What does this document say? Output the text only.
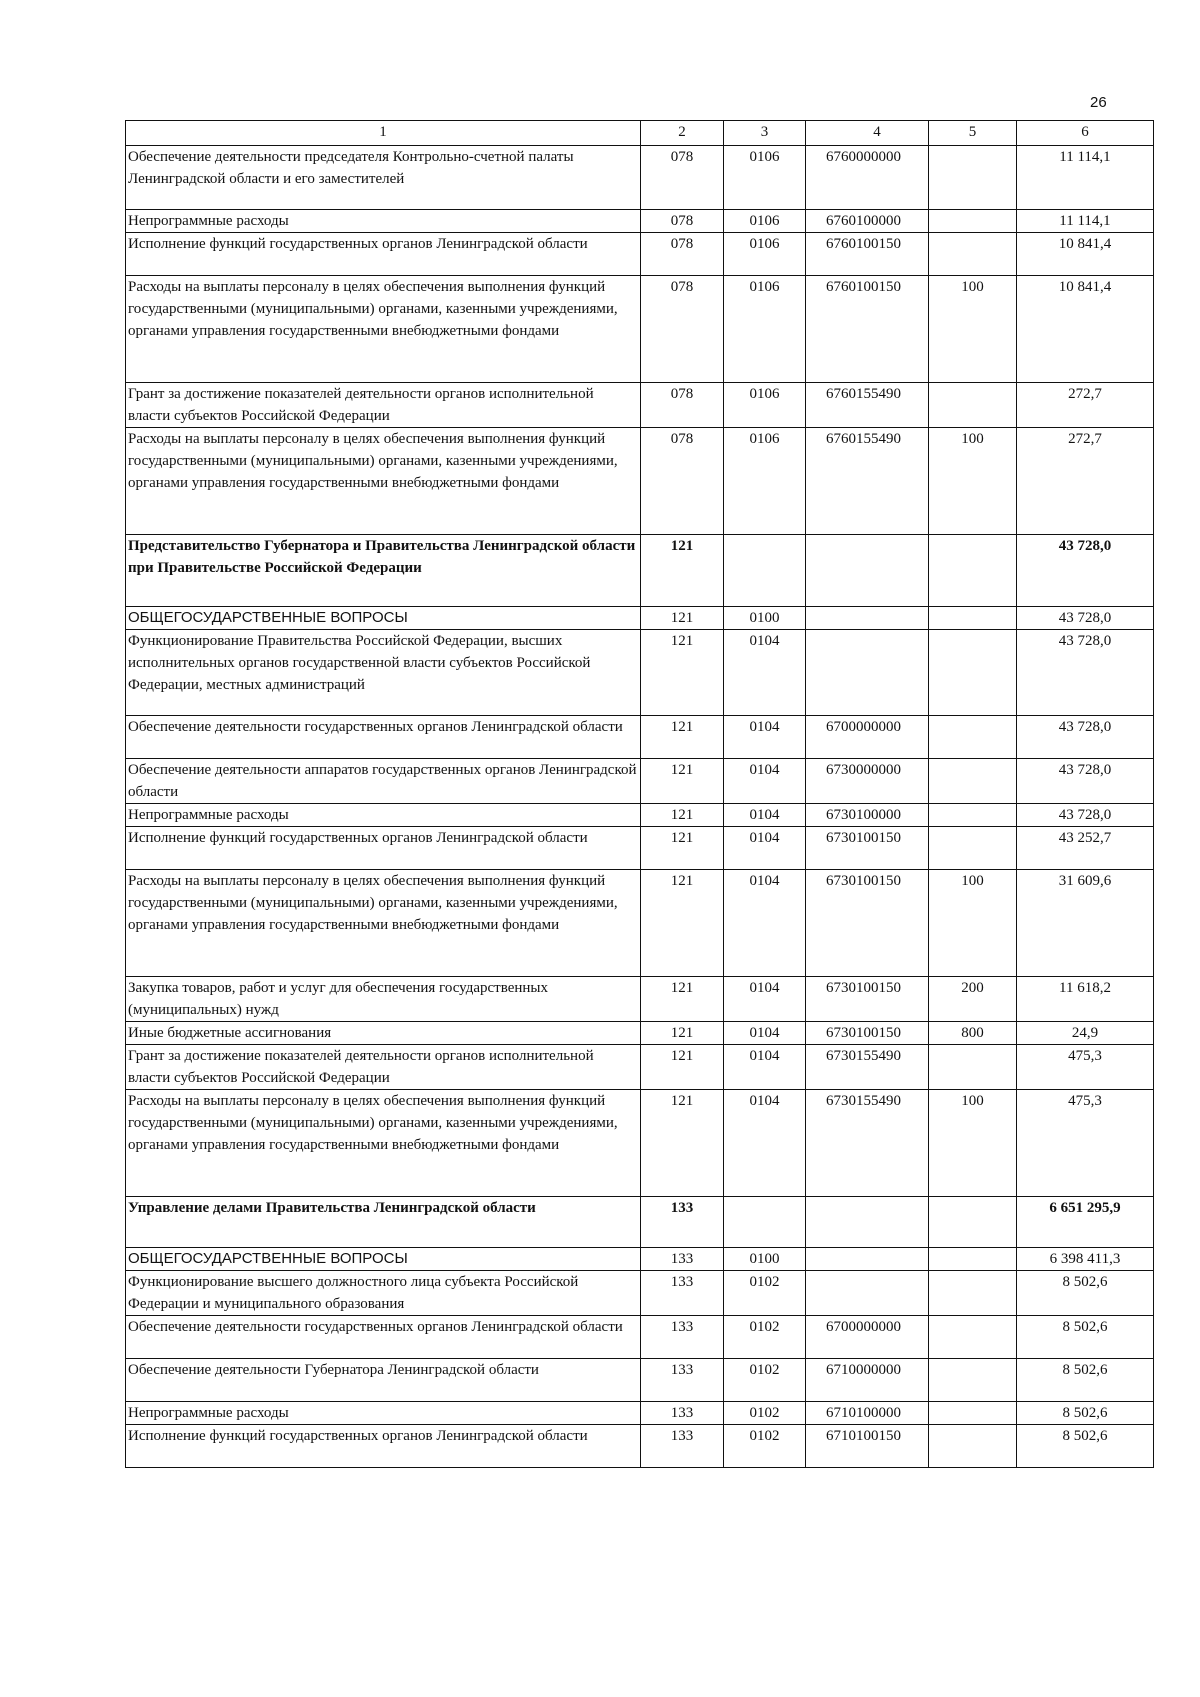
26
1	2	3	4	5	6
Обеспечение деятельности председателя Контрольно-счетной палаты Ленинградской области и его заместителей	078	0106	6760000000		11 114,1
Непрограммные расходы	078	0106	6760100000		11 114,1
Исполнение функций государственных органов Ленинградской области	078	0106	6760100150		10 841,4
Расходы на выплаты персоналу в целях обеспечения выполнения функций государственными (муниципальными) органами, казенными учреждениями, органами управления государственными внебюджетными фондами	078	0106	6760100150	100	10 841,4
Грант за достижение показателей деятельности органов исполнительной власти субъектов Российской Федерации	078	0106	6760155490		272,7
Расходы на выплаты персоналу в целях обеспечения выполнения функций государственными (муниципальными) органами, казенными учреждениями, органами управления государственными внебюджетными фондами	078	0106	6760155490	100	272,7
Представительство Губернатора и Правительства Ленинградской области при Правительстве Российской Федерации	121				43 728,0
ОБЩЕГОСУДАРСТВЕННЫЕ ВОПРОСЫ	121	0100			43 728,0
Функционирование Правительства Российской Федерации, высших исполнительных органов государственной власти субъектов Российской Федерации, местных администраций	121	0104			43 728,0
Обеспечение деятельности государственных органов Ленинградской области	121	0104	6700000000		43 728,0
Обеспечение деятельности аппаратов государственных органов Ленинградской области	121	0104	6730000000		43 728,0
Непрограммные расходы	121	0104	6730100000		43 728,0
Исполнение функций государственных органов Ленинградской области	121	0104	6730100150		43 252,7
Расходы на выплаты персоналу в целях обеспечения выполнения функций государственными (муниципальными) органами, казенными учреждениями, органами управления государственными внебюджетными фондами	121	0104	6730100150	100	31 609,6
Закупка товаров, работ и услуг для обеспечения государственных (муниципальных) нужд	121	0104	6730100150	200	11 618,2
Иные бюджетные ассигнования	121	0104	6730100150	800	24,9
Грант за достижение показателей деятельности органов исполнительной власти субъектов Российской Федерации	121	0104	6730155490		475,3
Расходы на выплаты персоналу в целях обеспечения выполнения функций государственными (муниципальными) органами, казенными учреждениями, органами управления государственными внебюджетными фондами	121	0104	6730155490	100	475,3
Управление делами Правительства Ленинградской области	133				6 651 295,9
ОБЩЕГОСУДАРСТВЕННЫЕ ВОПРОСЫ	133	0100			6 398 411,3
Функционирование высшего должностного лица субъекта Российской Федерации и муниципального образования	133	0102			8 502,6
Обеспечение деятельности государственных органов Ленинградской области	133	0102	6700000000		8 502,6
Обеспечение деятельности Губернатора Ленинградской области	133	0102	6710000000		8 502,6
Непрограммные расходы	133	0102	6710100000		8 502,6
Исполнение функций государственных органов Ленинградской области	133	0102	6710100150		8 502,6
